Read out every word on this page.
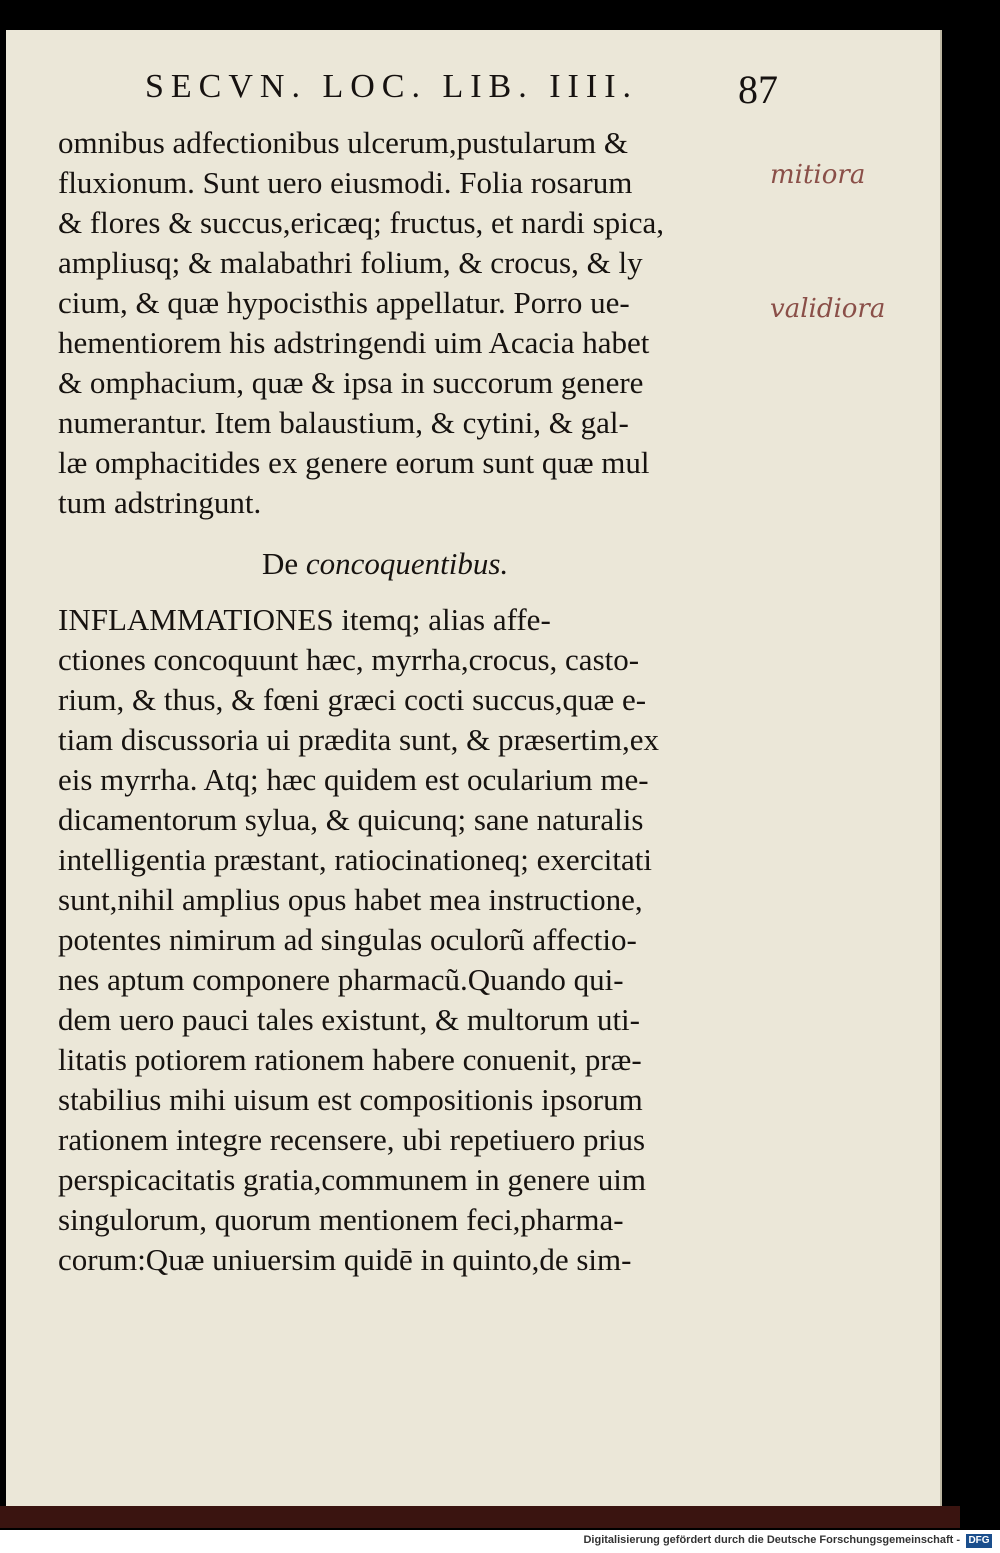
SECVN. LOC. LIB. IIII. 87
omnibus adfectionibus ulcerum,pustularum &
fluxionum. Sunt uero eiusmodi. Folia rosarum
& flores & succus,ericæq; fructus, et nardi spica,
ampliusq; & malabathri folium, & crocus, & ly
cium, & quæ hypocisthis appellatur. Porro ue-
hementiorem his adstringendi uim Acacia habet
& omphacium, quæ & ipsa in succorum genere
numerantur. Item balaustium, & cytini, & gal-
læ omphacitides ex genere eorum sunt quæ mul
tum adstringunt.
De concoquentibus.
INFLAMMATIONES itemq; alias affe-
ctiones concoquunt hæc, myrrha,crocus, casto-
rium, & thus, & fœni græci cocti succus,quæ e-
tiam discussoria ui prædita sunt, & præsertim,ex
eis myrrha. Atq; hæc quidem est ocularium me-
dicamentorum sylua, & quicunq; sane naturalis
intelligentia præstant, ratiocinationeq; exercitati
sunt,nihil amplius opus habet mea instructione,
potentes nimirum ad singulas oculorũ affectio-
nes aptum componere pharmacũ.Quando qui-
dem uero pauci tales existunt, & multorum uti-
litatis potiorem rationem habere conuenit, præ-
stabilius mihi uisum est compositionis ipsorum
rationem integre recensere, ubi repetiuero prius
perspicacitatis gratia,communem in genere uim
singulorum, quorum mentionem feci,pharma-
corum:Quæ uniuersim quidē in quinto,de sim-
mitiora
validiora
Digitalisierung gefördert durch die Deutsche Forschungsgemeinschaft - DFG
